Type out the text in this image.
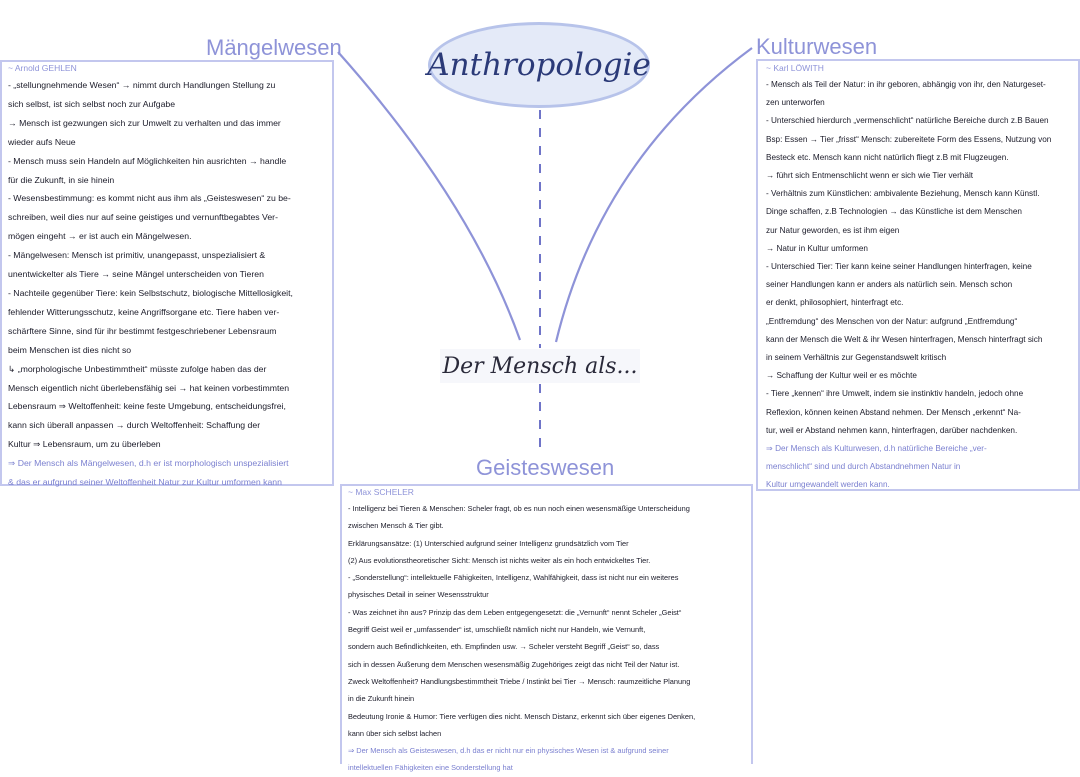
Anthropologie
Der Mensch als...
Mängelwesen	Kulturwesen
Geisteswesen
~ Arnold GEHLEN

- „stellungnehmende Wesen“ → nimmt durch Handlungen Stellung zu

sich selbst, ist sich selbst noch zur Aufgabe

→ Mensch ist gezwungen sich zur Umwelt zu verhalten und das immer

wieder aufs Neue

- Mensch muss sein Handeln auf Möglichkeiten hin ausrichten → handle

für die Zukunft, in sie hinein

- Wesensbestimmung: es kommt nicht aus ihm als „Geisteswesen“ zu be-

schreiben, weil dies nur auf seine geistiges und vernunftbegabtes Ver-

mögen eingeht → er ist auch ein Mängelwesen.

- Mängelwesen: Mensch ist primitiv, unangepasst, unspezialisiert &

unentwickelter als Tiere → seine Mängel unterscheiden von Tieren

- Nachteile gegenüber Tiere: kein Selbstschutz, biologische Mittellosigkeit,

fehlender Witterungsschutz, keine Angriffsorgane etc. Tiere haben ver-

schärftere Sinne, sind für ihr bestimmt festgeschriebener Lebensraum

beim Menschen ist dies nicht so

↳ „morphologische Unbestimmtheit“ müsste zufolge haben das der

Mensch eigentlich nicht überlebensfähig sei → hat keinen vorbestimmten

Lebensraum ⇒ Weltoffenheit: keine feste Umgebung, entscheidungsfrei,

kann sich überall anpassen → durch Weltoffenheit: Schaffung der

Kultur ⇒ Lebensraum, um zu überleben

⇒ Der Mensch als Mängelwesen, d.h er ist morphologisch unspezialisiert

& das er aufgrund seiner Weltoffenheit Natur zur Kultur umformen kann

~ Karl LÖWITH

- Mensch als Teil der Natur: in ihr geboren, abhängig von ihr, den Naturgeset-

zen unterworfen

- Unterschied hierdurch „vermenschlicht“ natürliche Bereiche durch z.B Bauen

Bsp: Essen → Tier „frisst“ Mensch: zubereitete Form des Essens, Nutzung von

Besteck etc. Mensch kann nicht natürlich fliegt z.B mit Flugzeugen.

→ führt sich Entmenschlicht wenn er sich wie Tier verhält

- Verhältnis zum Künstlichen: ambivalente Beziehung, Mensch kann Künstl.

Dinge schaffen, z.B Technologien → das Künstliche ist dem Menschen

zur Natur geworden, es ist ihm eigen

→ Natur in Kultur umformen

- Unterschied Tier: Tier kann keine seiner Handlungen hinterfragen, keine

seiner Handlungen kann er anders als natürlich sein. Mensch schon

er denkt, philosophiert, hinterfragt etc.

„Entfremdung“ des Menschen von der Natur: aufgrund „Entfremdung“

kann der Mensch die Welt & ihr Wesen hinterfragen, Mensch hinterfragt sich

in seinem Verhältnis zur Gegenstandswelt kritisch

→ Schaffung der Kultur weil er es möchte

- Tiere „kennen“ ihre Umwelt, indem sie instinktiv handeln, jedoch ohne

Reflexion, können keinen Abstand nehmen. Der Mensch „erkennt“ Na-

tur, weil er Abstand nehmen kann, hinterfragen, darüber nachdenken.

⇒ Der Mensch als Kulturwesen, d.h natürliche Bereiche „ver-

menschlicht“ sind und durch Abstandnehmen Natur in

Kultur umgewandelt werden kann.

~ Max SCHELER

- Intelligenz bei Tieren & Menschen: Scheler fragt, ob es nun noch einen wesensmäßige Unterscheidung

zwischen Mensch & Tier gibt.

Erklärungsansätze: (1) Unterschied aufgrund seiner Intelligenz grundsätzlich vom Tier

(2) Aus evolutionstheoretischer Sicht: Mensch ist nichts weiter als ein hoch entwickeltes Tier.

- „Sonderstellung“: intellektuelle Fähigkeiten, Intelligenz, Wahlfähigkeit, dass ist nicht nur ein weiteres

physisches Detail in seiner Wesensstruktur

- Was zeichnet ihn aus? Prinzip das dem Leben entgegengesetzt: die „Vernunft“ nennt Scheler „Geist“

Begriff Geist weil er „umfassender“ ist, umschließt nämlich nicht nur Handeln, wie Vernunft,

sondern auch Befindlichkeiten, eth. Empfinden usw. → Scheler versteht Begriff „Geist“ so, dass

sich in dessen Äußerung dem Menschen wesensmäßig Zugehöriges zeigt das nicht Teil der Natur ist.

Zweck Weltoffenheit? Handlungsbestimmtheit Triebe / Instinkt bei Tier → Mensch: raumzeitliche Planung

in die Zukunft hinein

Bedeutung Ironie & Humor: Tiere verfügen dies nicht. Mensch Distanz, erkennt sich über eigenes Denken,

kann über sich selbst lachen

⇒ Der Mensch als Geisteswesen, d.h das er nicht nur ein physisches Wesen ist & aufgrund seiner

intellektuellen Fähigkeiten eine Sonderstellung hat
